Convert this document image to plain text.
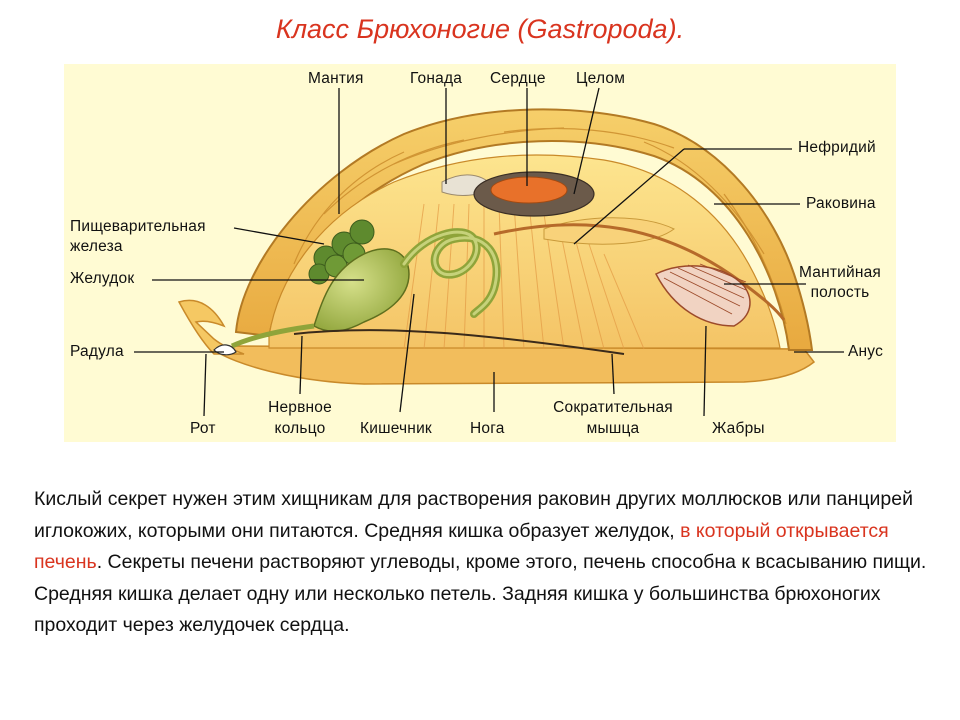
Класс Брюхоногие (Gastropoda).
Мантия	Гонада Сердце Целом
Нефридий
Раковина
Пищеварительная
железа
Желудок	Мантийная
полость
Радула	Анус
Рот
Нервное
кольцо	Кишечник Нога
Сократительная
мышца	Жабры
Кислый секрет нужен этим хищникам для растворения раковин других моллюсков или панцирей иглокожих, которыми они питаются. Средняя кишка образует желудок, в который открывается печень. Секреты печени растворяют углеводы, кроме этого, печень способна к всасыванию пищи. Средняя кишка делает одну или несколько петель. Задняя кишка у большинства брюхоногих проходит через желудочек сердца.
